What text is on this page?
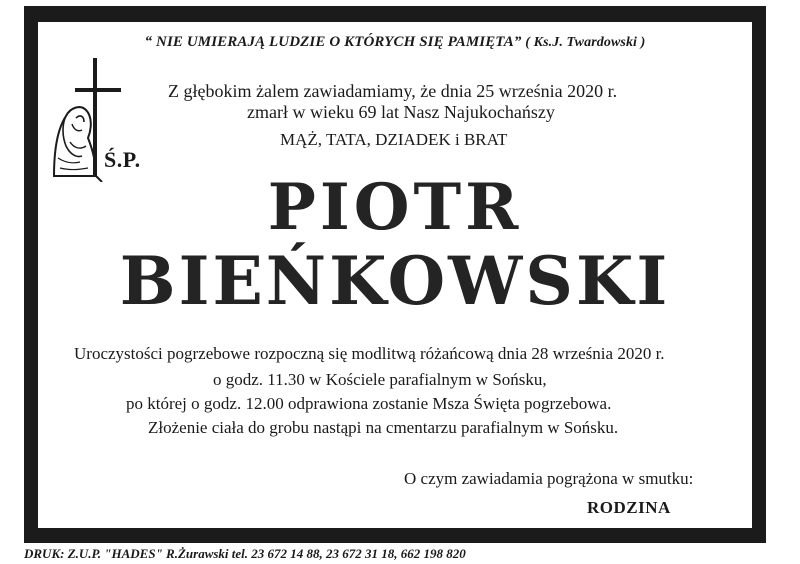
“ NIE UMIERAJĄ LUDZIE O KTÓRYCH SIĘ PAMIĘTA” ( Ks.J. Twardowski )
Ś.P.
Z głębokim żalem zawiadamiamy, że dnia 25 września 2020 r.
zmarł w wieku 69 lat Nasz Najukochańszy
MĄŻ, TATA, DZIADEK i BRAT
PIOTR
BIEŃKOWSKI
Uroczystości pogrzebowe rozpoczną się modlitwą różańcową dnia 28 września 2020 r.
o godz. 11.30 w Kościele parafialnym w Sońsku,
po której o godz. 12.00 odprawiona zostanie Msza Święta pogrzebowa.
Złożenie ciała do grobu nastąpi na cmentarzu parafialnym w Sońsku.
O czym zawiadamia pogrążona w smutku:
RODZINA
DRUK: Z.U.P. "HADES" R.Żurawski tel. 23 672 14 88, 23 672 31 18, 662 198 820
